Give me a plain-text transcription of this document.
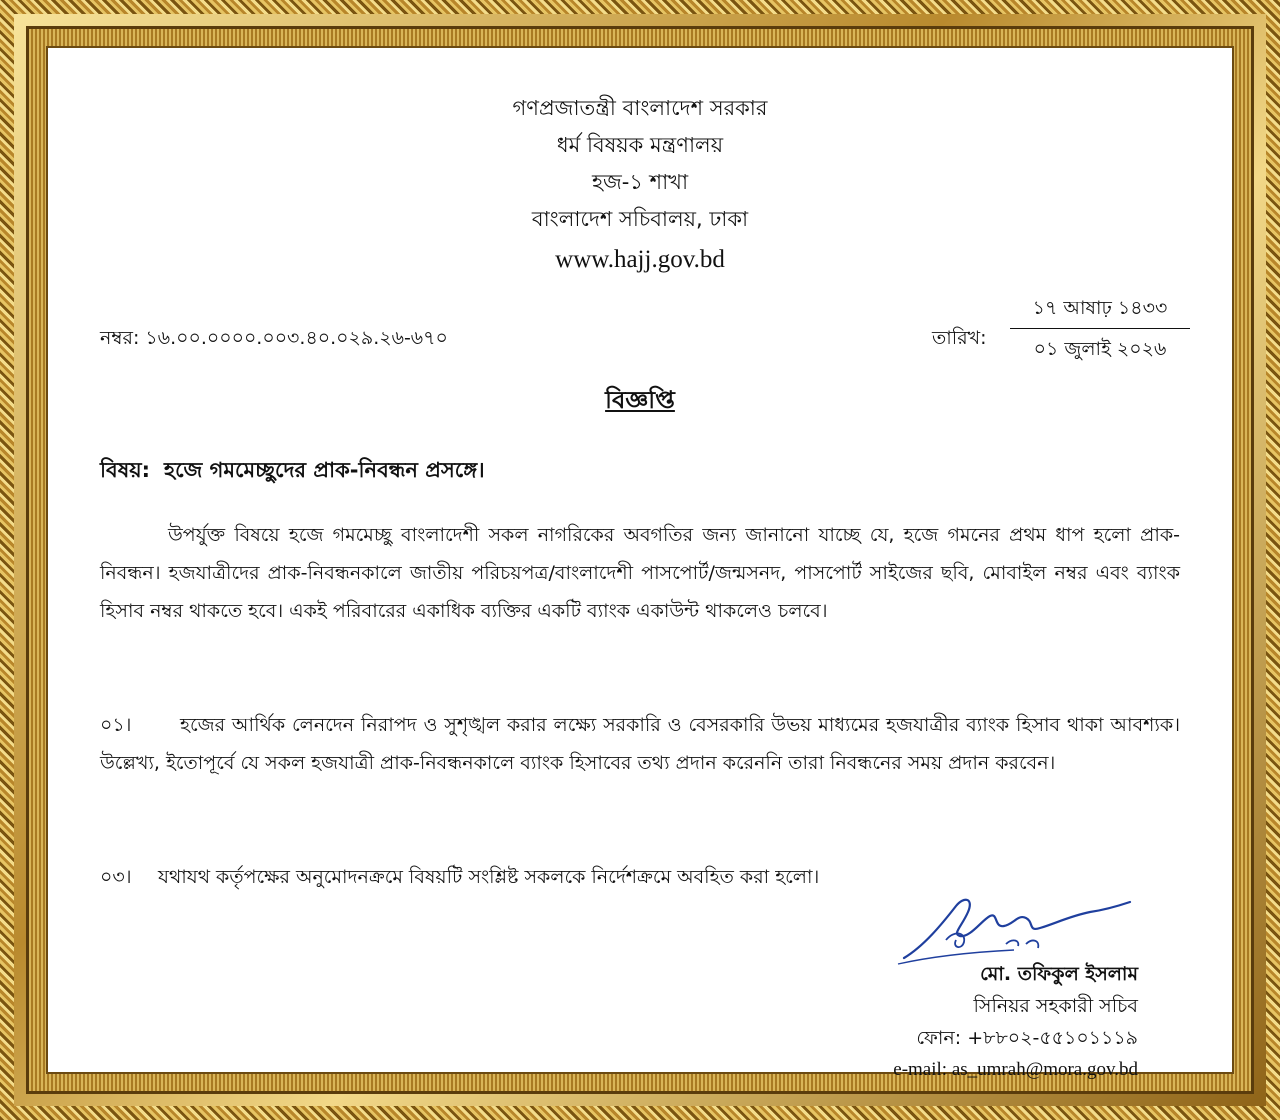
গণপ্রজাতন্ত্রী বাংলাদেশ সরকার
ধর্ম বিষয়ক মন্ত্রণালয়
হজ-১ শাখা
বাংলাদেশ সচিবালয়, ঢাকা
www.hajj.gov.bd
নম্বর: ১৬.০০.০০০০.০০৩.৪০.০২৯.২৬-৬৭০	তারিখ:
১৭ আষাঢ় ১৪৩৩
০১ জুলাই ২০২৬
বিজ্ঞপ্তি
বিষয়: হজে গমমেচ্ছুদের প্রাক-নিবন্ধন প্রসঙ্গে।
উপর্যুক্ত বিষয়ে হজে গমমেচ্ছু বাংলাদেশী সকল নাগরিকের অবগতির জন্য জানানো যাচ্ছে যে, হজে গমনের প্রথম ধাপ হলো প্রাক-নিবন্ধন। হজযাত্রীদের প্রাক-নিবন্ধনকালে জাতীয় পরিচয়পত্র/বাংলাদেশী পাসপোর্ট/জন্মসনদ, পাসপোর্ট সাইজের ছবি, মোবাইল নম্বর এবং ব্যাংক হিসাব নম্বর থাকতে হবে। একই পরিবারের একাধিক ব্যক্তির একটি ব্যাংক একাউন্ট থাকলেও চলবে।
০১।	হজের আর্থিক লেনদেন নিরাপদ ও সুশৃঙ্খল করার লক্ষ্যে সরকারি ও বেসরকারি উভয় মাধ্যমের হজযাত্রীর ব্যাংক হিসাব থাকা আবশ্যক। উল্লেখ্য, ইতোপূর্বে যে সকল হজযাত্রী প্রাক-নিবন্ধনকালে ব্যাংক হিসাবের তথ্য প্রদান করেননি তারা নিবন্ধনের সময় প্রদান করবেন।
০৩। যথাযথ কর্তৃপক্ষের অনুমোদনক্রমে বিষয়টি সংশ্লিষ্ট সকলকে নির্দেশক্রমে অবহিত করা হলো।
মো. তফিকুল ইসলাম
সিনিয়র সহকারী সচিব
ফোন: +৮৮০২-৫৫১০১১১৯
e-mail: as_umrah@mora.gov.bd
